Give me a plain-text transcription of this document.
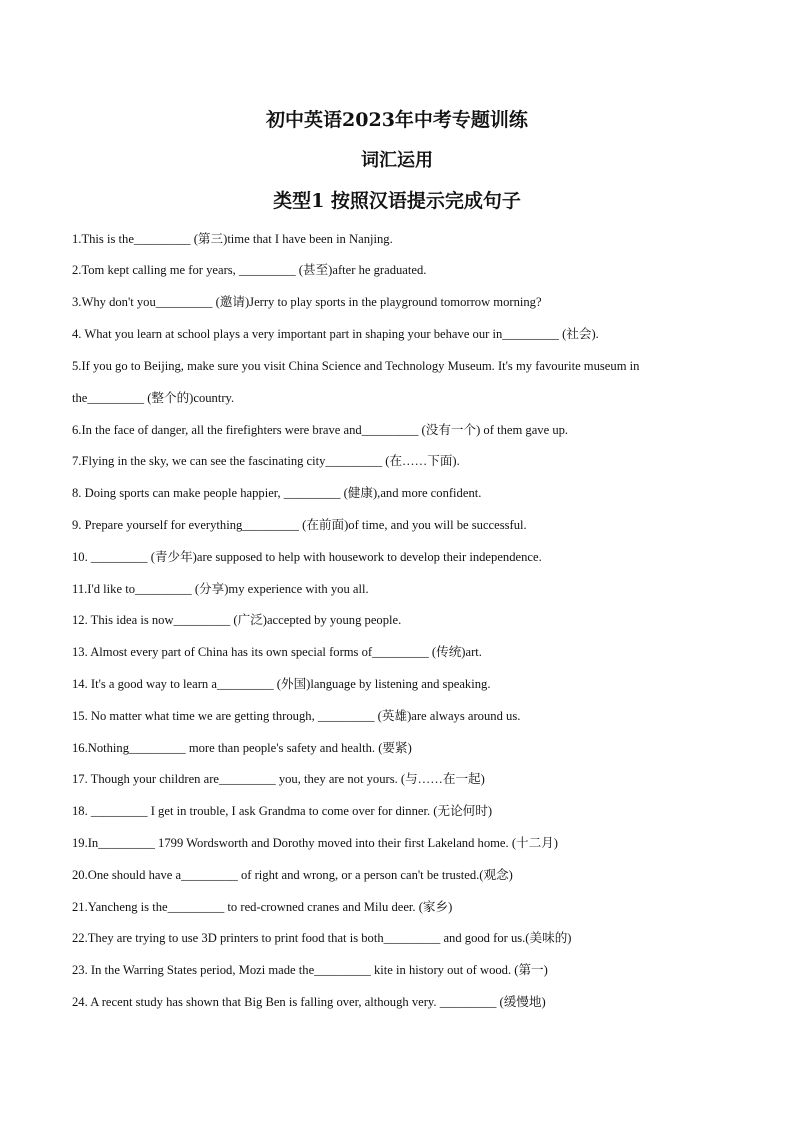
初中英语2023年中考专题训练
词汇运用
类型1 按照汉语提示完成句子
1.This is the_________ (第三)time that I have been in Nanjing.
2.Tom kept calling me for years, _________ (甚至)after he graduated.
3.Why don't you_________ (邀请)Jerry to play sports in the playground tomorrow morning?
4. What you learn at school plays a very important part in shaping your behave our in_________ (社会).
5.If you go to Beijing, make sure you visit China Science and Technology Museum. It's my favourite museum in
the_________ (整个的)country.
6.In the face of danger, all the firefighters were brave and_________ (没有一个) of them gave up.
7.Flying in the sky, we can see the fascinating city_________ (在……下面).
8. Doing sports can make people happier, _________ (健康),and more confident.
9. Prepare yourself for everything_________ (在前面)of time, and you will be successful.
10. _________ (青少年)are supposed to help with housework to develop their independence.
11.I'd like to_________ (分享)my experience with you all.
12. This idea is now_________ (广泛)accepted by young people.
13. Almost every part of China has its own special forms of_________ (传统)art.
14. It's a good way to learn a_________ (外国)language by listening and speaking.
15. No matter what time we are getting through, _________ (英雄)are always around us.
16.Nothing_________ more than people's safety and health. (要紧)
17. Though your children are_________ you, they are not yours. (与……在一起)
18. _________ I get in trouble, I ask Grandma to come over for dinner. (无论何时)
19.In_________ 1799 Wordsworth and Dorothy moved into their first Lakeland home. (十二月)
20.One should have a_________ of right and wrong, or a person can't be trusted.(观念)
21.Yancheng is the_________ to red-crowned cranes and Milu deer. (家乡)
22.They are trying to use 3D printers to print food that is both_________ and good for us.(美味的)
23. In the Warring States period, Mozi made the_________ kite in history out of wood. (第一)
24. A recent study has shown that Big Ben is falling over, although very. _________ (缓慢地)
